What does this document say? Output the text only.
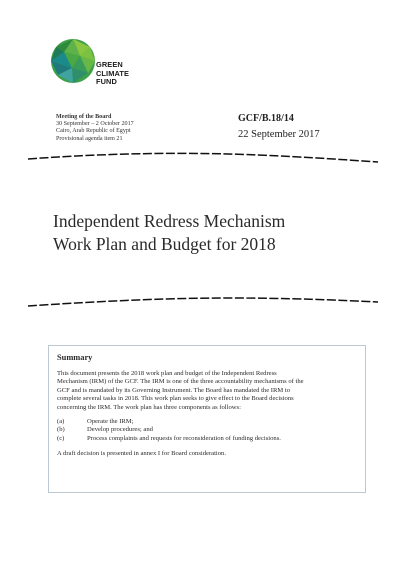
GREEN
CLIMATE
FUND
Meeting of the Board
30 September – 2 October 2017
Cairo, Arab Republic of Egypt
Provisional agenda item 21
GCF/B.18/14
22 September 2017
Independent Redress Mechanism
Work Plan and Budget for 2018
Summary

This document presents the 2018 work plan and budget of the Independent Redress
Mechanism (IRM) of the GCF. The IRM is one of the three accountability mechanisms of the
GCF and is mandated by its Governing Instrument. The Board has mandated the IRM to
complete several tasks in 2018. This work plan seeks to give effect to the Board decisions
concerning the IRM. The work plan has three components as follows:

(a)	Operate the IRM;
(b)	Develop procedures; and
(c)	Process complaints and requests for reconsideration of funding decisions.

A draft decision is presented in annex I for Board consideration.
